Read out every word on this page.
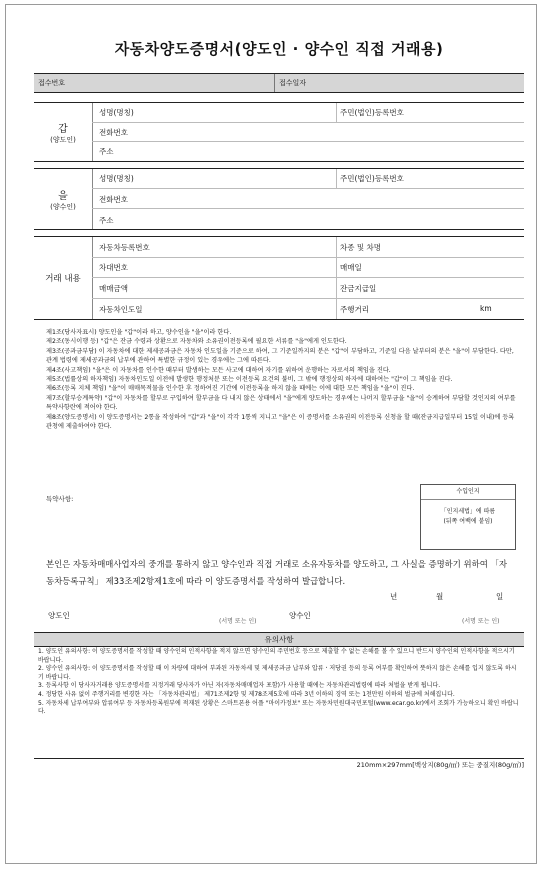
자동차양도증명서(양도인 · 양수인 직접 거래용)
접수번호	접수일자
갑
(양도인)
성명(명칭)	주민(법인)등록번호
전화번호
주소
을
(양수인)
성명(명칭)	주민(법인)등록번호
전화번호
주소
거래 내용
자동차등록번호	차종 및 차명
차대번호	매매일
매매금액	잔금지급일
자동차인도일	주행거리	km

제1조(당사자표시) 양도인을 "갑"이라 하고, 양수인을 "을"이라 한다.

제2조(동시이행 등) "갑"은 잔금 수령과 상환으로 자동차와 소유권이전등록에 필요한 서류를 "을"에게 인도한다.

제3조(공과금부담) 이 자동차에 대한 제세공과금은 자동차 인도일을 기준으로 하여, 그 기준일까지의 분은 "갑"이 부담하고, 기준일 다음 날부터의 분은 "을"이 부담한다. 다만, 관계 법령에 제세공과금의 납부에 관하여 특별한 규정이 있는 경우에는 그에 따른다.

제4조(사고책임) "을"은 이 자동차를 인수한 때부터 발생하는 모든 사고에 대하여 자기를 위하여 운행하는 자로서의 책임을 진다.

제5조(법률상의 하자책임) 자동차인도일 이전에 발생한 행정처분 또는 이전등록 요건의 불비, 그 밖에 행정상의 하자에 대하여는 "갑"이 그 책임을 진다.

제6조(등록 지체 책임) "을"이 매매목적물을 인수한 후 정하여진 기간에 이전등록을 하지 않을 때에는 이에 대한 모든 책임을 "을"이 진다.

제7조(할부승계특약) "갑"이 자동차를 할부로 구입하여 할부금을 다 내지 않은 상태에서 "을"에게 양도하는 경우에는 나머지 할부금을 "을"이 승계하여 부담할 것인지의 여부를 특약사항란에 적어야 한다.

제8조(양도증명서) 이 양도증명서는 2통을 작성하여 "갑"과 "을"이 각각 1통씩 지니고 "을"은 이 증명서를 소유권의 이전등록 신청을 할 때(잔금지급일부터 15일 이내)에 등록관청에 제출하여야 한다.

특약사항:
수입인지
「인지세법」에 따름
(뒤쪽 여백에 붙임)
본인은 자동차매매사업자의 중개를 통하지 않고 양수인과 직접 거래로 소유자동차를 양도하고, 그 사실을 증명하기 위하여 「자동차등록규칙」 제33조제2항제1호에 따라 이 양도증명서를 작성하여 발급합니다.
년	월	일
양도인
(서명 또는 인)
양수인
(서명 또는 인)
유의사항

1. 양도인 유의사항: 이 양도증명서를 작성할 때 양수인의 인적사항을 적지 않으면 양수인의 주민번호 등으로 제출할 수 없는 손해를 볼 수 있으니 반드시 양수인의 인적사항을 적으시기 바랍니다.

2. 양수인 유의사항: 이 양도증명서를 작성할 때 이 차량에 대하여 부과된 자동차세 및 제세공과금 납부와 압류ㆍ저당권 등의 등록 여부를 확인하여 뜻하지 않은 손해를 입지 않도록 하시기 바랍니다.

3. 등록사항 이 당사자거래용 양도증명서를 지정거래 당사자가 아닌 자(자동차매매업자 포함)가 사용할 때에는 자동차관리법령에 따라 처벌을 받게 됩니다.

4. 정당한 사유 없이 주행거리를 변경한 자는 「자동차관리법」 제71조제2항 및 제78조제5호에 따라 3년 이하의 징역 또는 1천만원 이하의 벌금에 처해집니다.

5. 자동차세 납부여부와 압류여부 등 자동차등록원부에 적재된 상황은 스마트폰용 어플 "마이카정보" 또는 자동차민원대국민포털(www.ecar.go.kr)에서 조회가 가능하오니 확인 바랍니다.

210mm×297mm[백상지(80g/㎡) 또는 중질지(80g/㎡)]
